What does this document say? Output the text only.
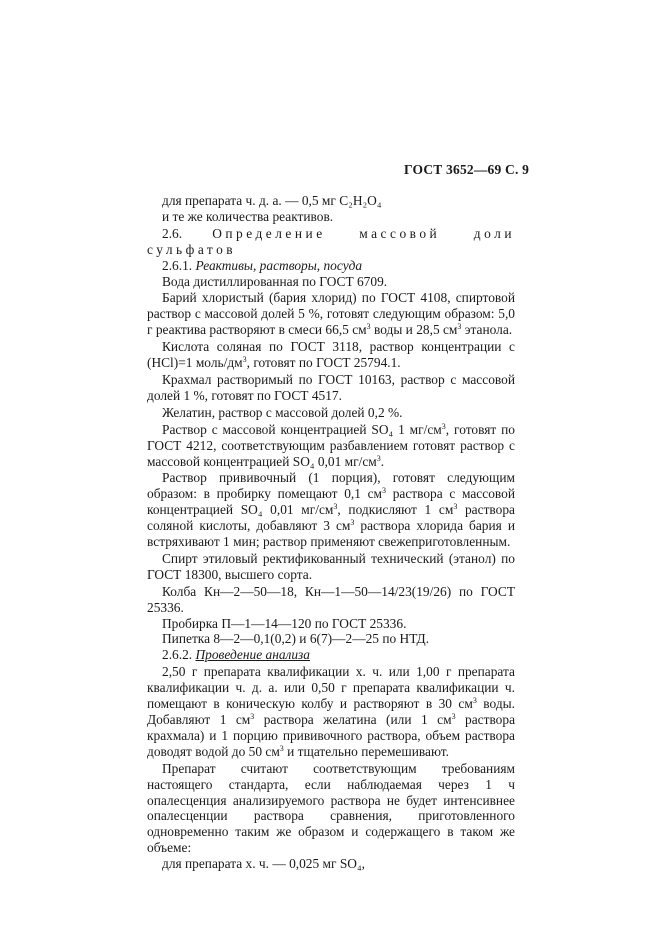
ГОСТ 3652—69 С. 9

для препарата ч. д. а. — 0,5 мг C₂H₂O₄

и те же количества реактивов.

2.6. Определение массовой доли сульфатов

2.6.1. Реактивы, растворы, посуда

Вода дистиллированная по ГОСТ 6709.

Барий хлористый (бария хлорид) по ГОСТ 4108, спиртовой раствор с массовой долей 5 %, готовят следующим образом: 5,0 г реактива растворяют в смеси 66,5 $см^3$ воды и 28,5 $см^3$ этанола.

Кислота соляная по ГОСТ 3118, раствор концентрации с (HCl)=1 моль/$дм^3$, готовят по ГОСТ 25794.1.

Крахмал растворимый по ГОСТ 10163, раствор с массовой долей 1 %, готовят по ГОСТ 4517.

Желатин, раствор с массовой долей 0,2 %.

Раствор с массовой концентрацией SO₄ 1 $мг/см^3$, готовят по ГОСТ 4212, соответствующим разбавлением готовят раствор с массовой концентрацией SO₄ 0,01 $мг/см^3$.

Раствор прививочный (1 порция), готовят следующим образом: в пробирку помещают 0,1 $см^3$ раствора с массовой концентрацией SO₄ 0,01 $мг/см^3$, подкисляют 1 $см^3$ раствора соляной кислоты, добавляют 3 $см^3$ раствора хлорида бария и встряхивают 1 мин; раствор применяют свежеприготовленным.

Спирт этиловый ректификованный технический (этанол) по ГОСТ 18300, высшего сорта.

Колба Кн—2—50—18, Кн—1—50—14/23(19/26) по ГОСТ 25336.

Пробирка П—1—14—120 по ГОСТ 25336.

Пипетка 8—2—0,1(0,2) и 6(7)—2—25 по НТД.

2.6.2. Проведение анализа

2,50 г препарата квалификации х. ч. или 1,00 г препарата квалификации ч. д. а. или 0,50 г препарата квалификации ч. помещают в коническую колбу и растворяют в 30 $см^3$ воды. Добавляют 1 $см^3$ раствора желатина (или 1 $см^3$ раствора крахмала) и 1 порцию прививочного раствора, объем раствора доводят водой до 50 $см^3$ и тщательно перемешивают.

Препарат считают соответствующим требованиям настоящего стандарта, если наблюдаемая через 1 ч опалесценция анализируемого раствора не будет интенсивнее опалесценции раствора сравнения, приготовленного одновременно таким же образом и содержащего в таком же объеме:

для препарата х. ч. — 0,025 мг SO₄,
